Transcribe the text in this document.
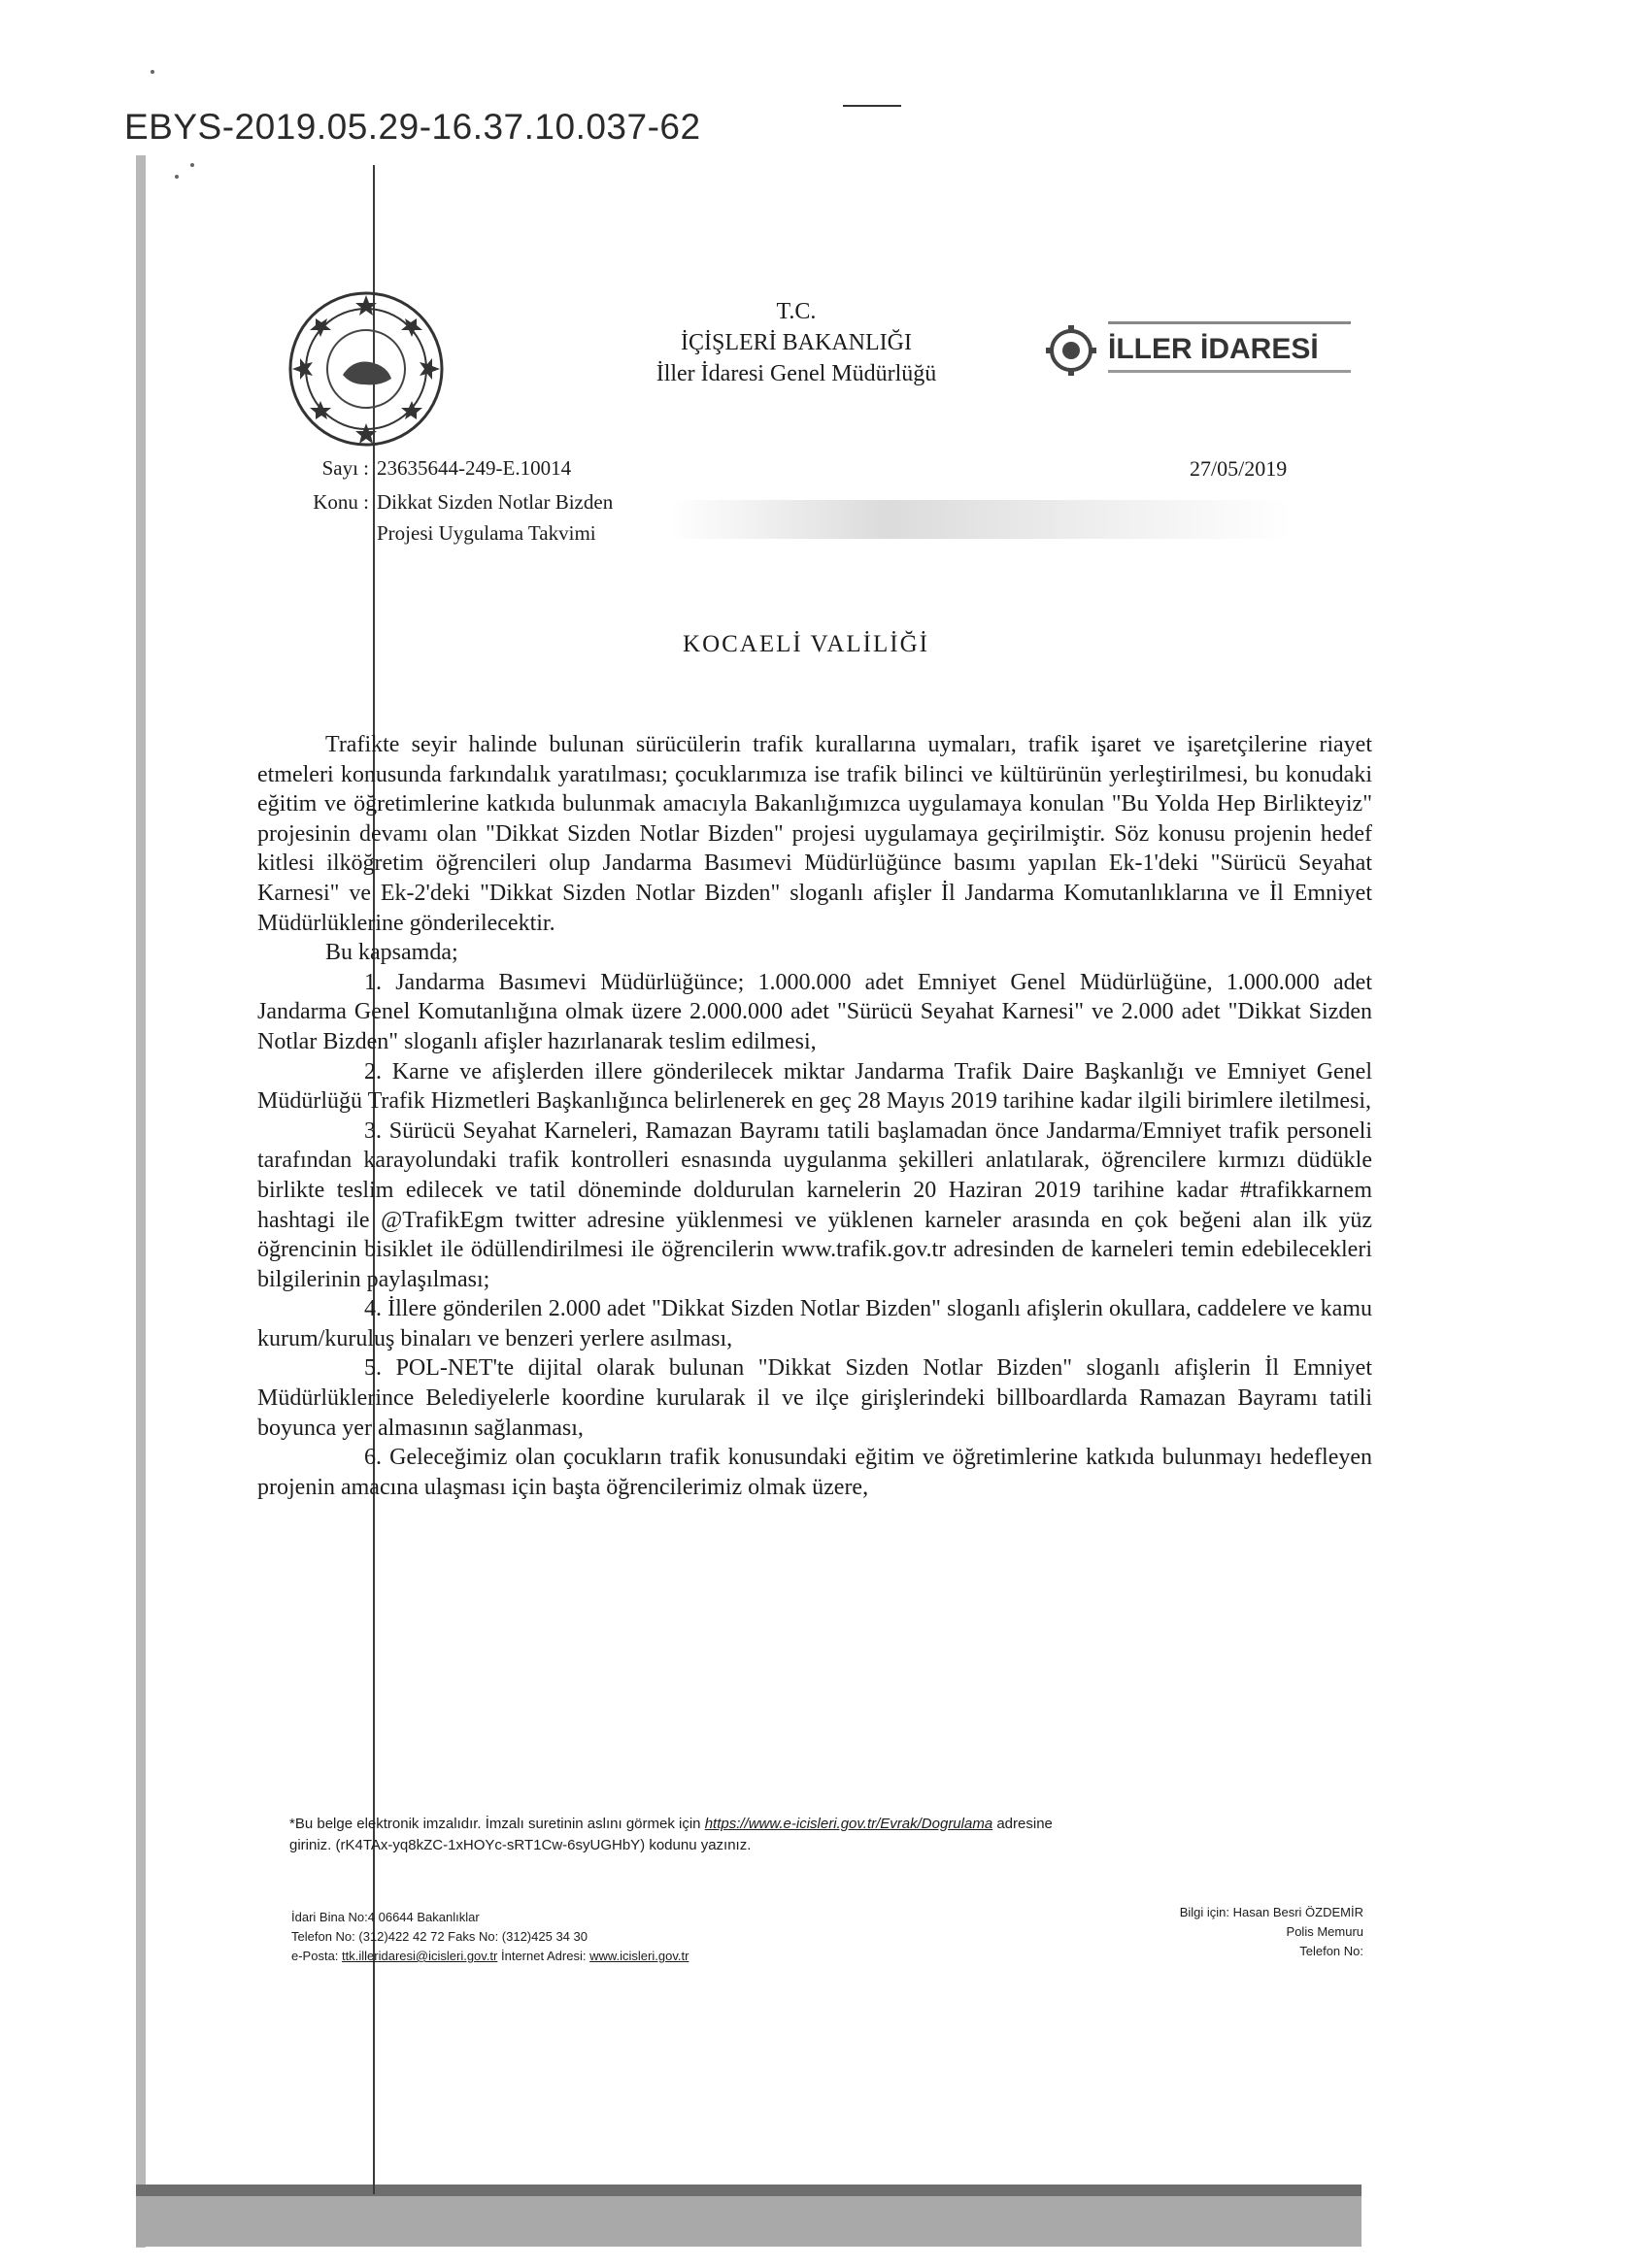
EBYS-2019.05.29-16.37.10.037-62
T.C.
İÇİŞLERİ BAKANLIĞI
İller İdaresi Genel Müdürlüğü
İLLER İDARESİ
Sayı : 23635644-249-E.10014
Konu : Dikkat Sizden Notlar Bizden
Projesi Uygulama Takvimi
27/05/2019
KOCAELİ VALİLİĞİ

Trafikte seyir halinde bulunan sürücülerin trafik kurallarına uymaları, trafik işaret ve işaretçilerine riayet etmeleri konusunda farkındalık yaratılması; çocuklarımıza ise trafik bilinci ve kültürünün yerleştirilmesi, bu konudaki eğitim ve öğretimlerine katkıda bulunmak amacıyla Bakanlığımızca uygulamaya konulan "Bu Yolda Hep Birlikteyiz" projesinin devamı olan "Dikkat Sizden Notlar Bizden" projesi uygulamaya geçirilmiştir. Söz konusu projenin hedef kitlesi ilköğretim öğrencileri olup Jandarma Basımevi Müdürlüğünce basımı yapılan Ek-1'deki "Sürücü Seyahat Karnesi" ve Ek-2'deki "Dikkat Sizden Notlar Bizden" sloganlı afişler İl Jandarma Komutanlıklarına ve İl Emniyet Müdürlüklerine gönderilecektir.

Bu kapsamda;

1. Jandarma Basımevi Müdürlüğünce; 1.000.000 adet Emniyet Genel Müdürlüğüne, 1.000.000 adet Jandarma Genel Komutanlığına olmak üzere 2.000.000 adet "Sürücü Seyahat Karnesi" ve 2.000 adet "Dikkat Sizden Notlar Bizden" sloganlı afişler hazırlanarak teslim edilmesi,

2. Karne ve afişlerden illere gönderilecek miktar Jandarma Trafik Daire Başkanlığı ve Emniyet Genel Müdürlüğü Trafik Hizmetleri Başkanlığınca belirlenerek en geç 28 Mayıs 2019 tarihine kadar ilgili birimlere iletilmesi,

3. Sürücü Seyahat Karneleri, Ramazan Bayramı tatili başlamadan önce Jandarma/Emniyet trafik personeli tarafından karayolundaki trafik kontrolleri esnasında uygulanma şekilleri anlatılarak, öğrencilere kırmızı düdükle birlikte teslim edilecek ve tatil döneminde doldurulan karnelerin 20 Haziran 2019 tarihine kadar #trafikkarnem hashtagi ile @TrafikEgm twitter adresine yüklenmesi ve yüklenen karneler arasında en çok beğeni alan ilk yüz öğrencinin bisiklet ile ödüllendirilmesi ile öğrencilerin www.trafik.gov.tr adresinden de karneleri temin edebilecekleri bilgilerinin paylaşılması;

4. İllere gönderilen 2.000 adet "Dikkat Sizden Notlar Bizden" sloganlı afişlerin okullara, caddelere ve kamu kurum/kuruluş binaları ve benzeri yerlere asılması,

5. POL-NET'te dijital olarak bulunan "Dikkat Sizden Notlar Bizden" sloganlı afişlerin İl Emniyet Müdürlüklerince Belediyelerle koordine kurularak il ve ilçe girişlerindeki billboardlarda Ramazan Bayramı tatili boyunca yer almasının sağlanması,

6. Geleceğimiz olan çocukların trafik konusundaki eğitim ve öğretimlerine katkıda bulunmayı hedefleyen projenin amacına ulaşması için başta öğrencilerimiz olmak üzere,

*Bu belge elektronik imzalıdır. İmzalı suretinin aslını görmek için https://www.e-icisleri.gov.tr/Evrak/Dogrulama adresine
giriniz. (rK4TAx-yq8kZC-1xHOYc-sRT1Cw-6syUGHbY) kodunu yazınız.
İdari Bina No:4 06644 Bakanlıklar
Telefon No: (312)422 42 72 Faks No: (312)425 34 30
e-Posta: ttk.illeridaresi@icisleri.gov.tr İnternet Adresi: www.icisleri.gov.tr
Bilgi için: Hasan Besri ÖZDEMİR
Polis Memuru
Telefon No:
